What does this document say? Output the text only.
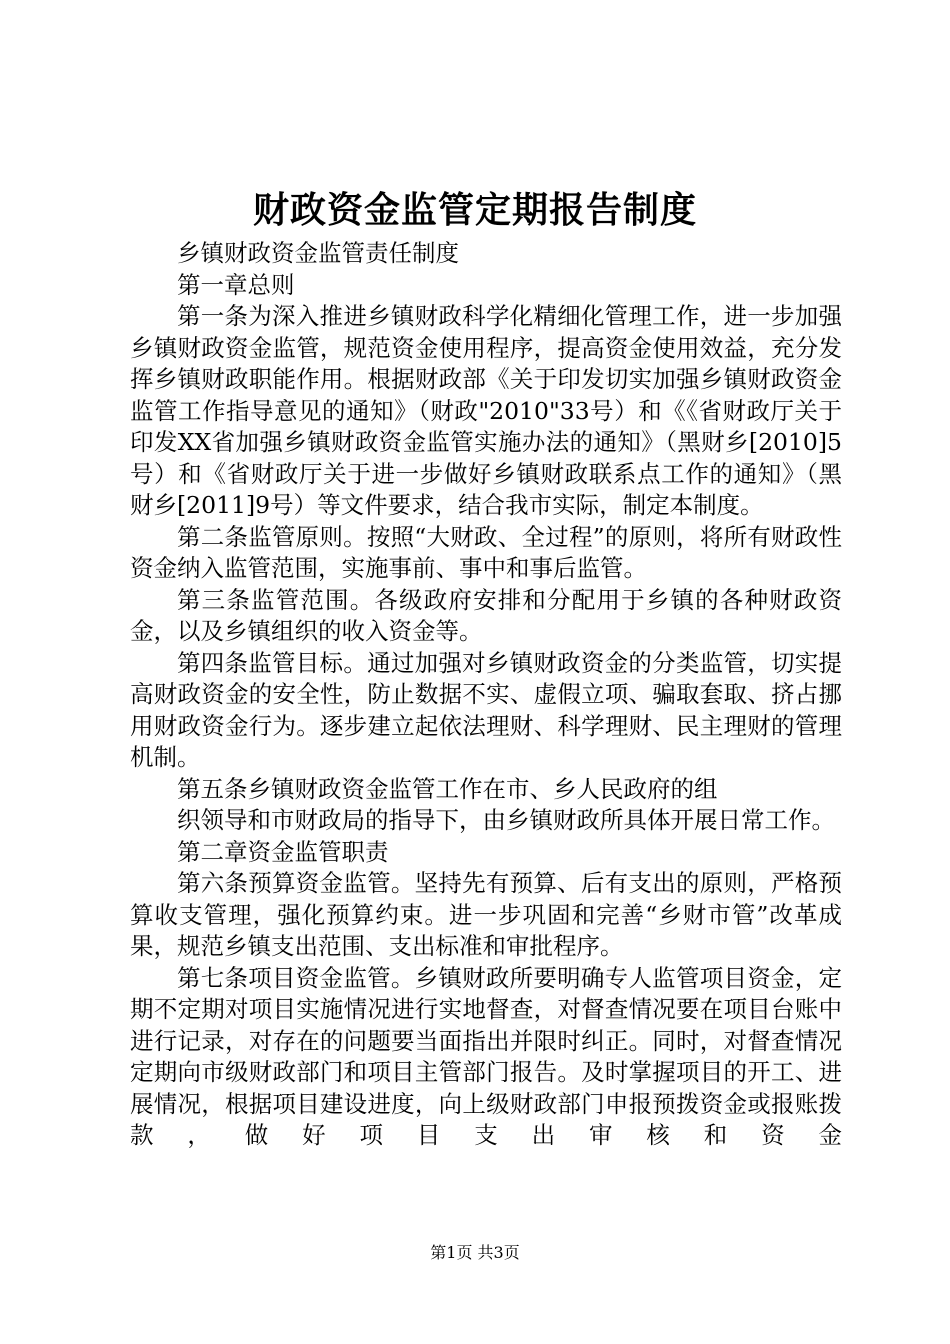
财政资金监管定期报告制度

乡镇财政资金监管责任制度

第一章总则

第一条为深入推进乡镇财政科学化精细化管理工作，进一步加强乡镇财政资金监管，规范资金使用程序，提高资金使用效益，充分发挥乡镇财政职能作用。根据财政部《关于印发切实加强乡镇财政资金监管工作指导意见的通知》（财政"2010"33号）和《《省财政厅关于印发XX省加强乡镇财政资金监管实施办法的通知》（黑财乡[2010]5号）和《省财政厅关于进一步做好乡镇财政联系点工作的通知》（黑财乡[2011]9号）等文件要求，结合我市实际，制定本制度。

第二条监管原则。按照“大财政、全过程”的原则，将所有财政性资金纳入监管范围，实施事前、事中和事后监管。

第三条监管范围。各级政府安排和分配用于乡镇的各种财政资金，以及乡镇组织的收入资金等。

第四条监管目标。通过加强对乡镇财政资金的分类监管，切实提高财政资金的安全性，防止数据不实、虚假立项、骗取套取、挤占挪用财政资金行为。逐步建立起依法理财、科学理财、民主理财的管理机制。

第五条乡镇财政资金监管工作在市、乡人民政府的组

织领导和市财政局的指导下，由乡镇财政所具体开展日常工作。

第二章资金监管职责

第六条预算资金监管。坚持先有预算、后有支出的原则，严格预算收支管理，强化预算约束。进一步巩固和完善“乡财市管”改革成果，规范乡镇支出范围、支出标准和审批程序。

第七条项目资金监管。乡镇财政所要明确专人监管项目资金，定期不定期对项目实施情况进行实地督查，对督查情况要在项目台账中进行记录，对存在的问题要当面指出并限时纠正。同时，对督查情况定期向市级财政部门和项目主管部门报告。及时掌握项目的开工、进展情况，根据项目建设进度，向上级财政部门申报预拨资金或报账拨款，做好项目支出审核和资金

第1页 共3页
